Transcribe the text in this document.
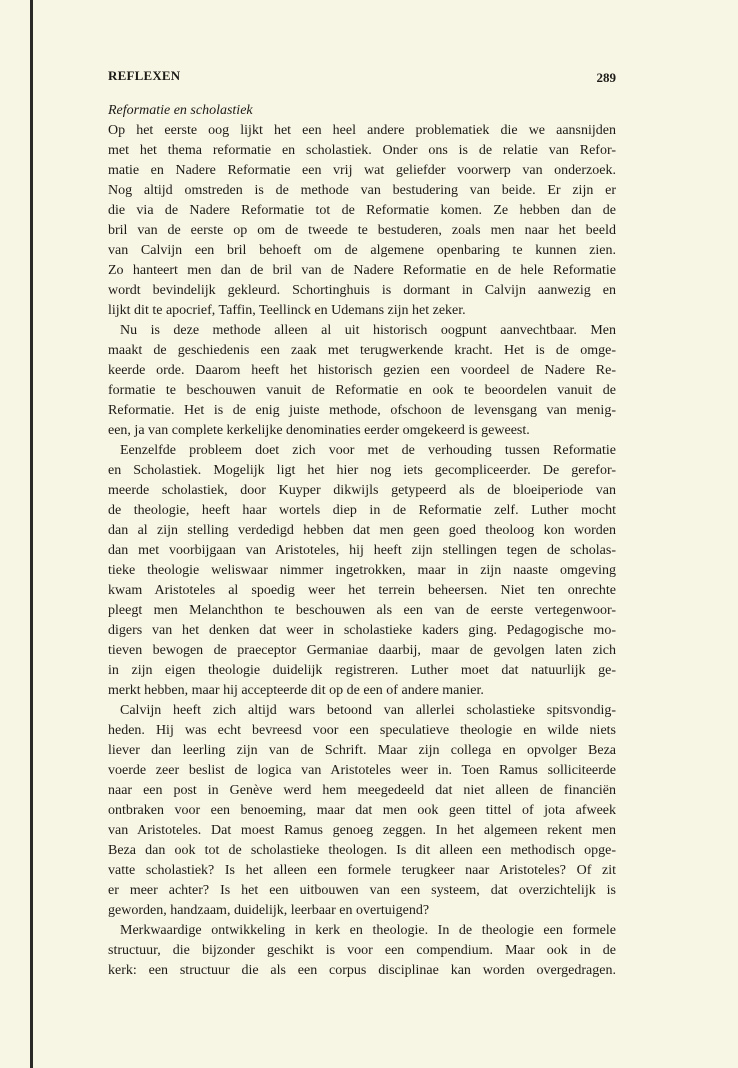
REFLEXEN	289
Reformatie en scholastiek
Op het eerste oog lijkt het een heel andere problematiek die we aansnijden
met het thema reformatie en scholastiek. Onder ons is de relatie van Refor-
matie en Nadere Reformatie een vrij wat geliefder voorwerp van onderzoek.
Nog altijd omstreden is de methode van bestudering van beide. Er zijn er
die via de Nadere Reformatie tot de Reformatie komen. Ze hebben dan de
bril van de eerste op om de tweede te bestuderen, zoals men naar het beeld
van Calvijn een bril behoeft om de algemene openbaring te kunnen zien.
Zo hanteert men dan de bril van de Nadere Reformatie en de hele Reformatie
wordt bevindelijk gekleurd. Schortinghuis is dormant in Calvijn aanwezig en
lijkt dit te apocrief, Taffin, Teellinck en Udemans zijn het zeker.
Nu is deze methode alleen al uit historisch oogpunt aanvechtbaar. Men
maakt de geschiedenis een zaak met terugwerkende kracht. Het is de omge-
keerde orde. Daarom heeft het historisch gezien een voordeel de Nadere Re-
formatie te beschouwen vanuit de Reformatie en ook te beoordelen vanuit de
Reformatie. Het is de enig juiste methode, ofschoon de levensgang van menig-
een, ja van complete kerkelijke denominaties eerder omgekeerd is geweest.
Eenzelfde probleem doet zich voor met de verhouding tussen Reformatie
en Scholastiek. Mogelijk ligt het hier nog iets gecompliceerder. De gerefor-
meerde scholastiek, door Kuyper dikwijls getypeerd als de bloeiperiode van
de theologie, heeft haar wortels diep in de Reformatie zelf. Luther mocht
dan al zijn stelling verdedigd hebben dat men geen goed theoloog kon worden
dan met voorbijgaan van Aristoteles, hij heeft zijn stellingen tegen de scholas-
tieke theologie weliswaar nimmer ingetrokken, maar in zijn naaste omgeving
kwam Aristoteles al spoedig weer het terrein beheersen. Niet ten onrechte
pleegt men Melanchthon te beschouwen als een van de eerste vertegenwoor-
digers van het denken dat weer in scholastieke kaders ging. Pedagogische mo-
tieven bewogen de praeceptor Germaniae daarbij, maar de gevolgen laten zich
in zijn eigen theologie duidelijk registreren. Luther moet dat natuurlijk ge-
merkt hebben, maar hij accepteerde dit op de een of andere manier.
Calvijn heeft zich altijd wars betoond van allerlei scholastieke spitsvondig-
heden. Hij was echt bevreesd voor een speculatieve theologie en wilde niets
liever dan leerling zijn van de Schrift. Maar zijn collega en opvolger Beza
voerde zeer beslist de logica van Aristoteles weer in. Toen Ramus solliciteerde
naar een post in Genève werd hem meegedeeld dat niet alleen de financiën
ontbraken voor een benoeming, maar dat men ook geen tittel of jota afweek
van Aristoteles. Dat moest Ramus genoeg zeggen. In het algemeen rekent men
Beza dan ook tot de scholastieke theologen. Is dit alleen een methodisch opge-
vatte scholastiek? Is het alleen een formele terugkeer naar Aristoteles? Of zit
er meer achter? Is het een uitbouwen van een systeem, dat overzichtelijk is
geworden, handzaam, duidelijk, leerbaar en overtuigend?
Merkwaardige ontwikkeling in kerk en theologie. In de theologie een formele
structuur, die bijzonder geschikt is voor een compendium. Maar ook in de
kerk: een structuur die als een corpus disciplinae kan worden overgedragen.
